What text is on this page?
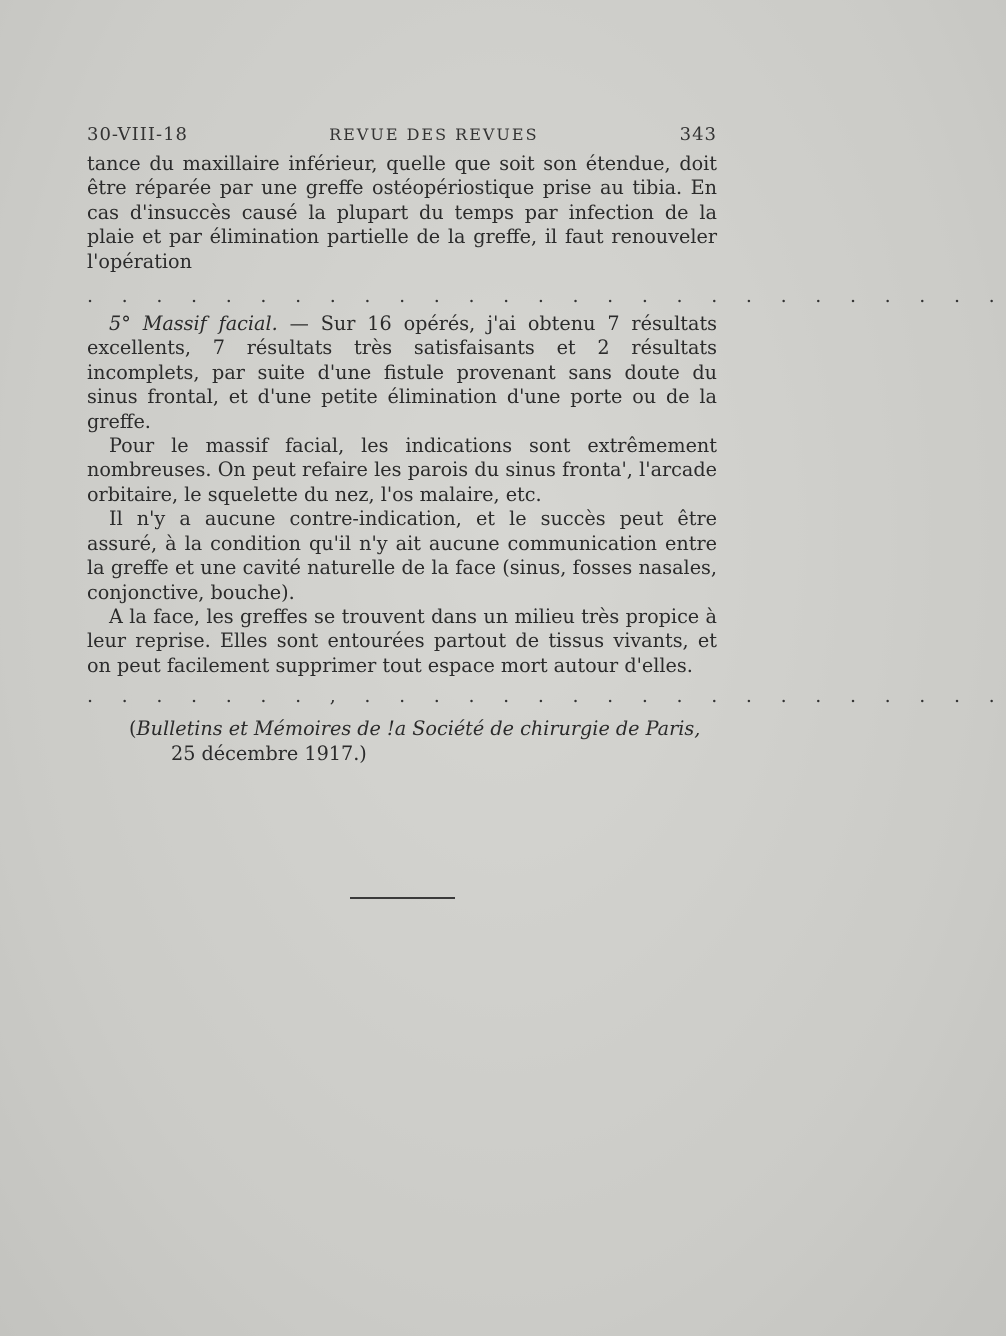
30-VIII-18	REVUE DES REVUES	343

tance du maxillaire inférieur, quelle que soit son étendue, doit être réparée par une greffe ostéopériostique prise au tibia. En cas d'insuccès causé la plupart du temps par infection de la plaie et par élimination partielle de la greffe, il faut renouveler l'opération

. . . . . . . . . . . . . . . . . . . . . . . . . . .

5° Massif facial. — Sur 16 opérés, j'ai obtenu 7 résultats excellents, 7 résultats très satisfaisants et 2 résultats incomplets, par suite d'une fistule provenant sans doute du sinus frontal, et d'une petite élimination d'une porte ou de la greffe.

Pour le massif facial, les indications sont extrêmement nombreuses. On peut refaire les parois du sinus fronta', l'arcade orbitaire, le squelette du nez, l'os malaire, etc.

Il n'y a aucune contre-indication, et le succès peut être assuré, à la condition qu'il n'y ait aucune communication entre la greffe et une cavité naturelle de la face (sinus, fosses nasales, conjonctive, bouche).

A la face, les greffes se trouvent dans un milieu très propice à leur reprise. Elles sont entourées partout de tissus vivants, et on peut facilement supprimer tout espace mort autour d'elles.

. . . . . . . , . . . . . . . . . . . . . . . . . . .
(Bulletins et Mémoires de !a Société de chirurgie de Paris,
25 décembre 1917.)
